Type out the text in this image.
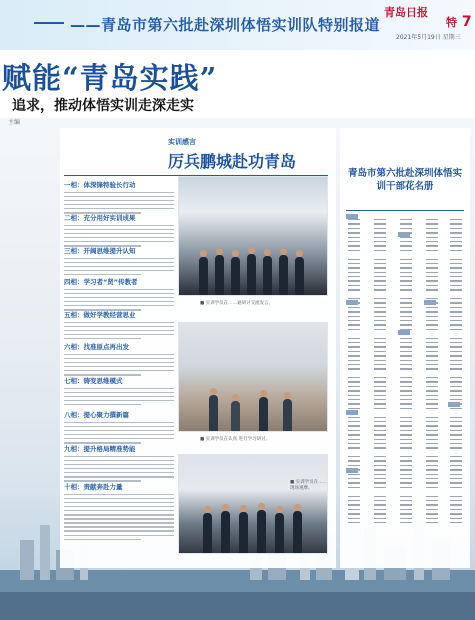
——青岛市第六批赴深圳体悟实训队特别报道
青岛日报
特 7
2021年5月19日 星期三
赋能“青岛实践”
追求，推动体悟实训走深走实
主编
实训感言
厉兵鹏城赴功青岛
一相：体深锋特验长行动
二相：充分用好实训成果
三相：开阔思维提升认知
四相：学习者“贤”传教者
五相：做好学教经营思业
六相：找准原点再出发
七相：铸变思维模式
八相：提心聚力撰新篇
九相：提升格局精准势能
十相：责献奔赴力量
■ 实训学员在……通研讨交流发言。
■ 实训学员在认真 进行学习研讨。
■ 实训学员在……现场观摩。
青岛市第六批赴深圳体悟实训干部花名册
